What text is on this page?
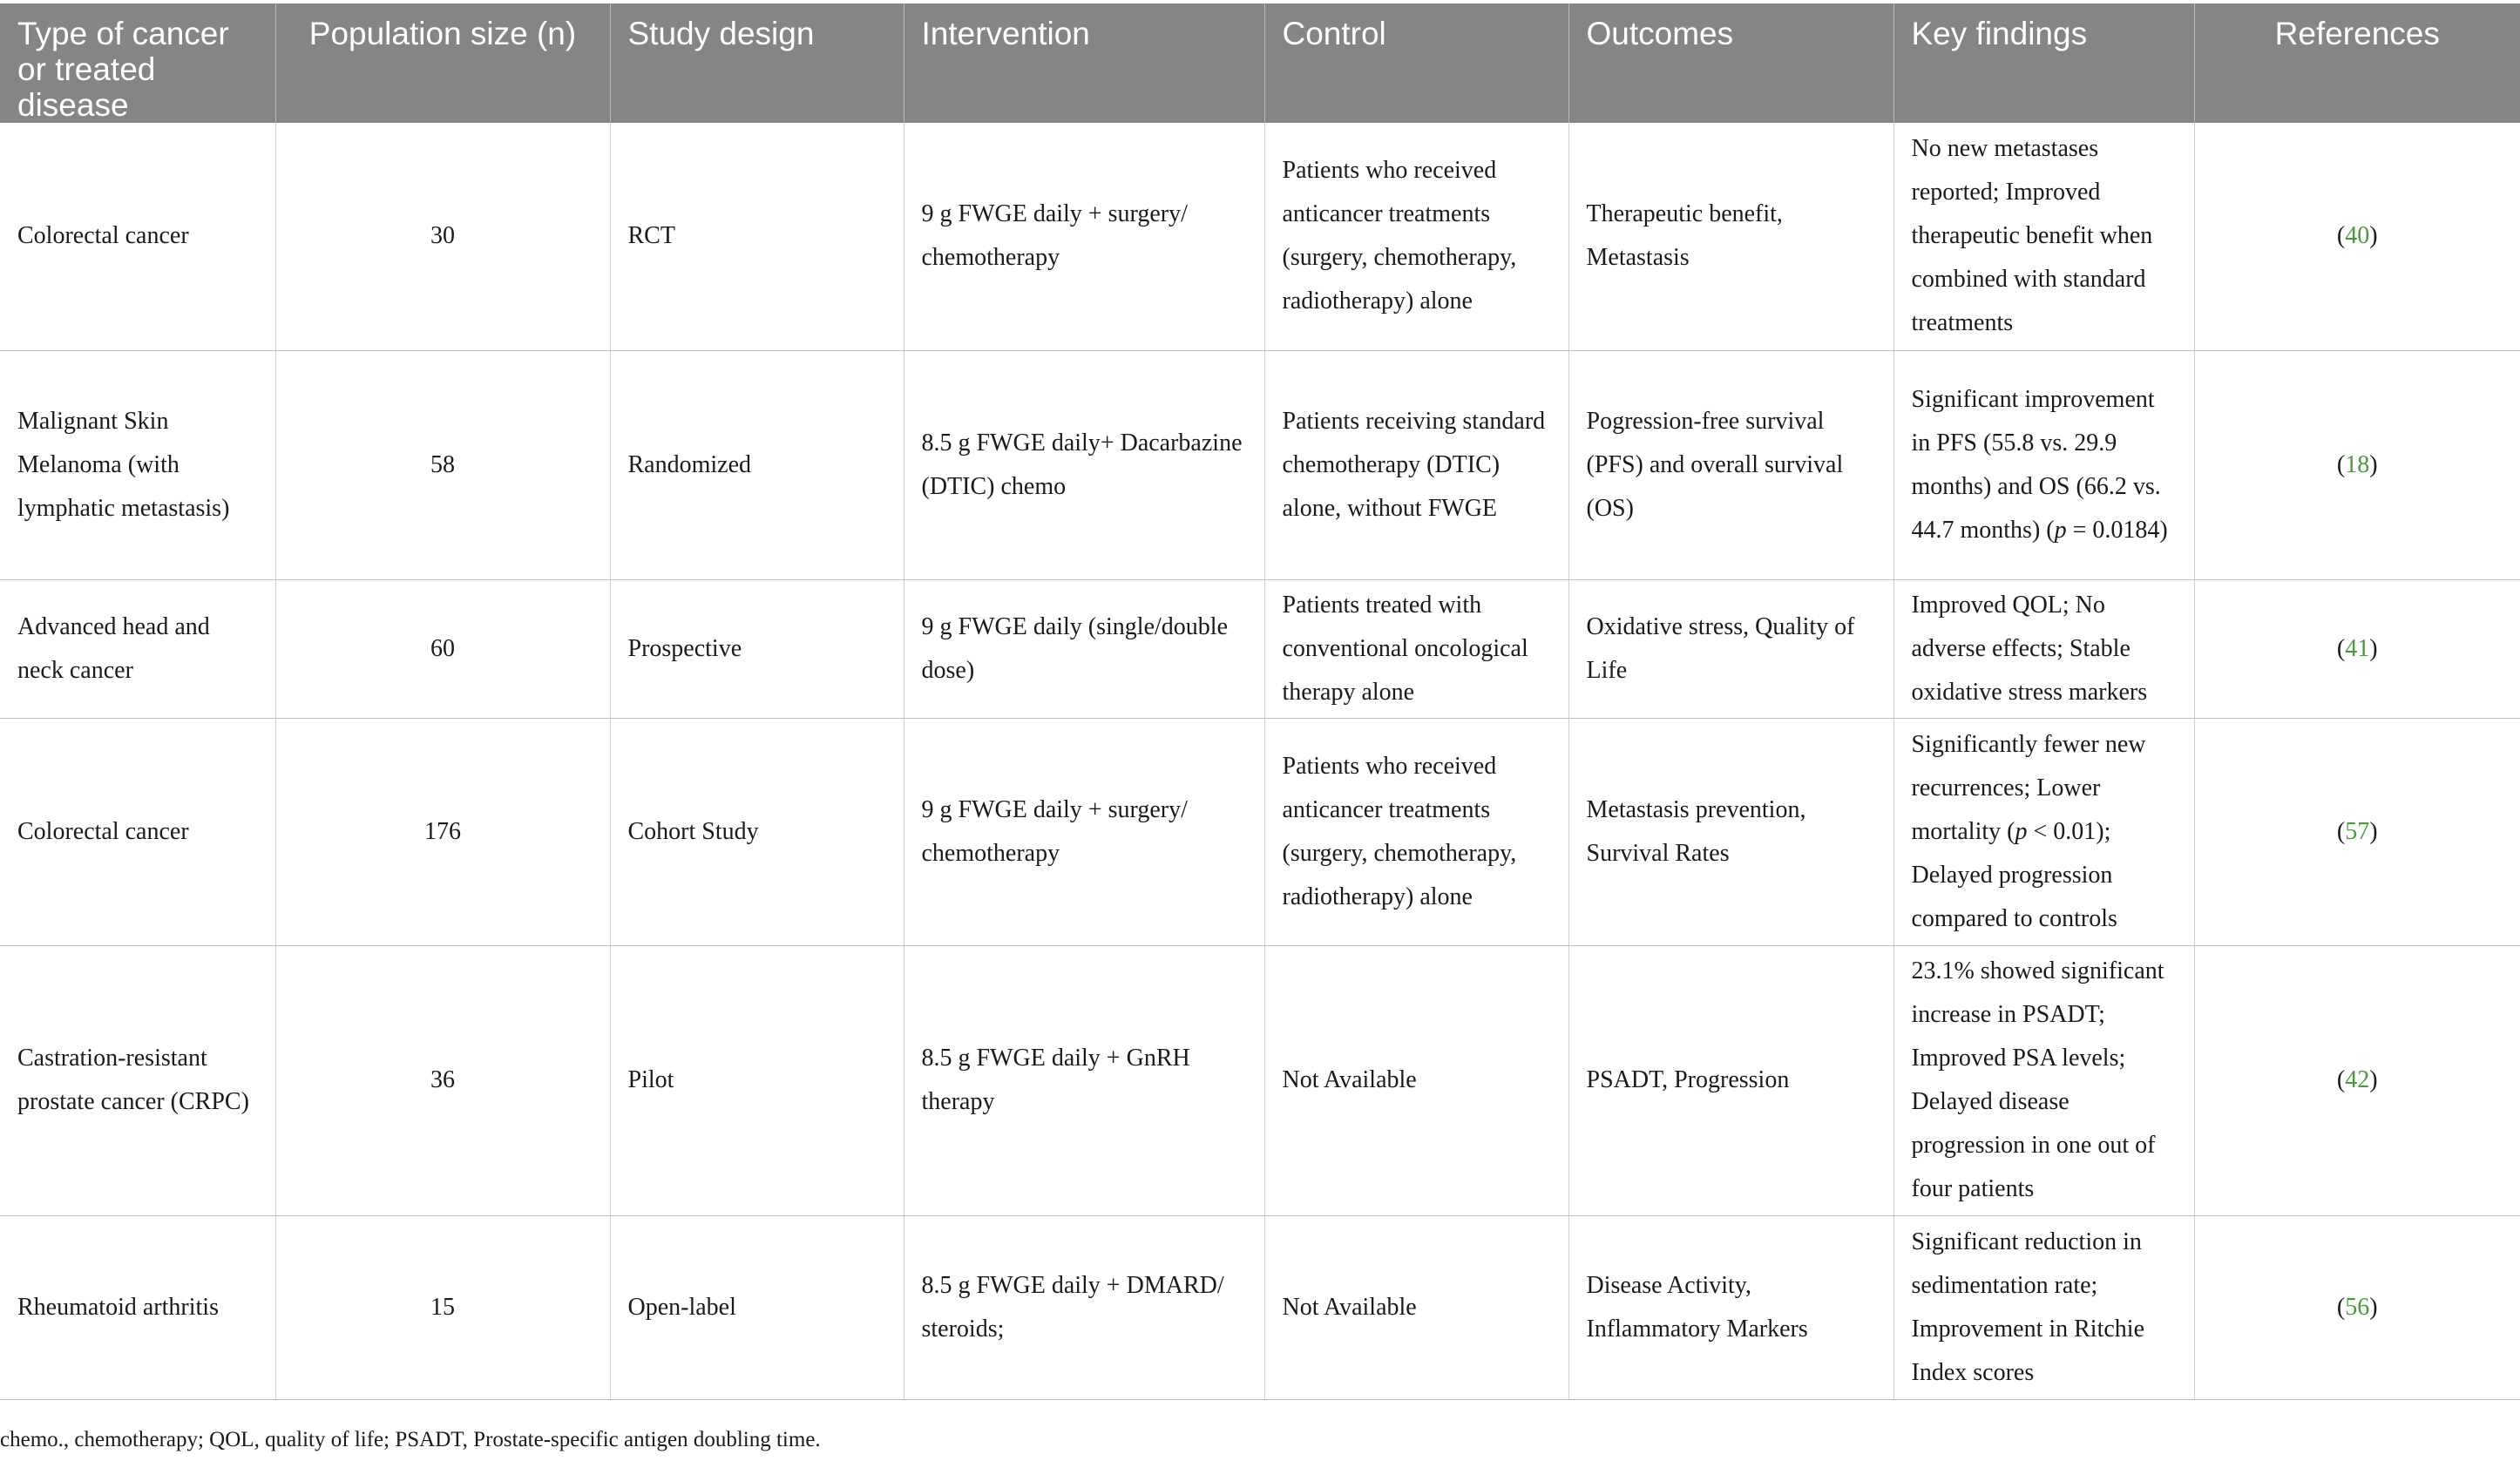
Type of cancer or treated disease	Population size (n)	Study design	Intervention	Control	Outcomes	Key findings	References
Colorectal cancer	30	RCT	9 g FWGE daily + surgery/ chemotherapy	Patients who received anticancer treatments (surgery, chemotherapy, radiotherapy) alone	Therapeutic benefit, Metastasis	No new metastases reported; Improved therapeutic benefit when combined with standard treatments	(40)
Malignant Skin Melanoma (with lymphatic metastasis)	58	Randomized	8.5 g FWGE daily+ Dacarbazine (DTIC) chemo	Patients receiving standard chemotherapy (DTIC) alone, without FWGE	Pogression-free survival (PFS) and overall survival (OS)	Significant improvement in PFS (55.8 vs. 29.9 months) and OS (66.2 vs. 44.7 months) (p = 0.0184)	(18)
Advanced head and neck cancer	60	Prospective	9 g FWGE daily (single/double dose)	Patients treated with conventional oncological therapy alone	Oxidative stress, Quality of Life	Improved QOL; No adverse effects; Stable oxidative stress markers	(41)
Colorectal cancer	176	Cohort Study	9 g FWGE daily + surgery/ chemotherapy	Patients who received anticancer treatments (surgery, chemotherapy, radiotherapy) alone	Metastasis prevention, Survival Rates	Significantly fewer new recurrences; Lower mortality (p < 0.01); Delayed progression compared to controls	(57)
Castration-resistant prostate cancer (CRPC)	36	Pilot	8.5 g FWGE daily + GnRH therapy	Not Available	PSADT, Progression	23.1% showed significant increase in PSADT; Improved PSA levels; Delayed disease progression in one out of four patients	(42)
Rheumatoid arthritis	15	Open-label	8.5 g FWGE daily + DMARD/ steroids;	Not Available	Disease Activity, Inflammatory Markers	Significant reduction in sedimentation rate; Improvement in Ritchie Index scores	(56)
chemo., chemotherapy; QOL, quality of life; PSADT, Prostate-specific antigen doubling time.
